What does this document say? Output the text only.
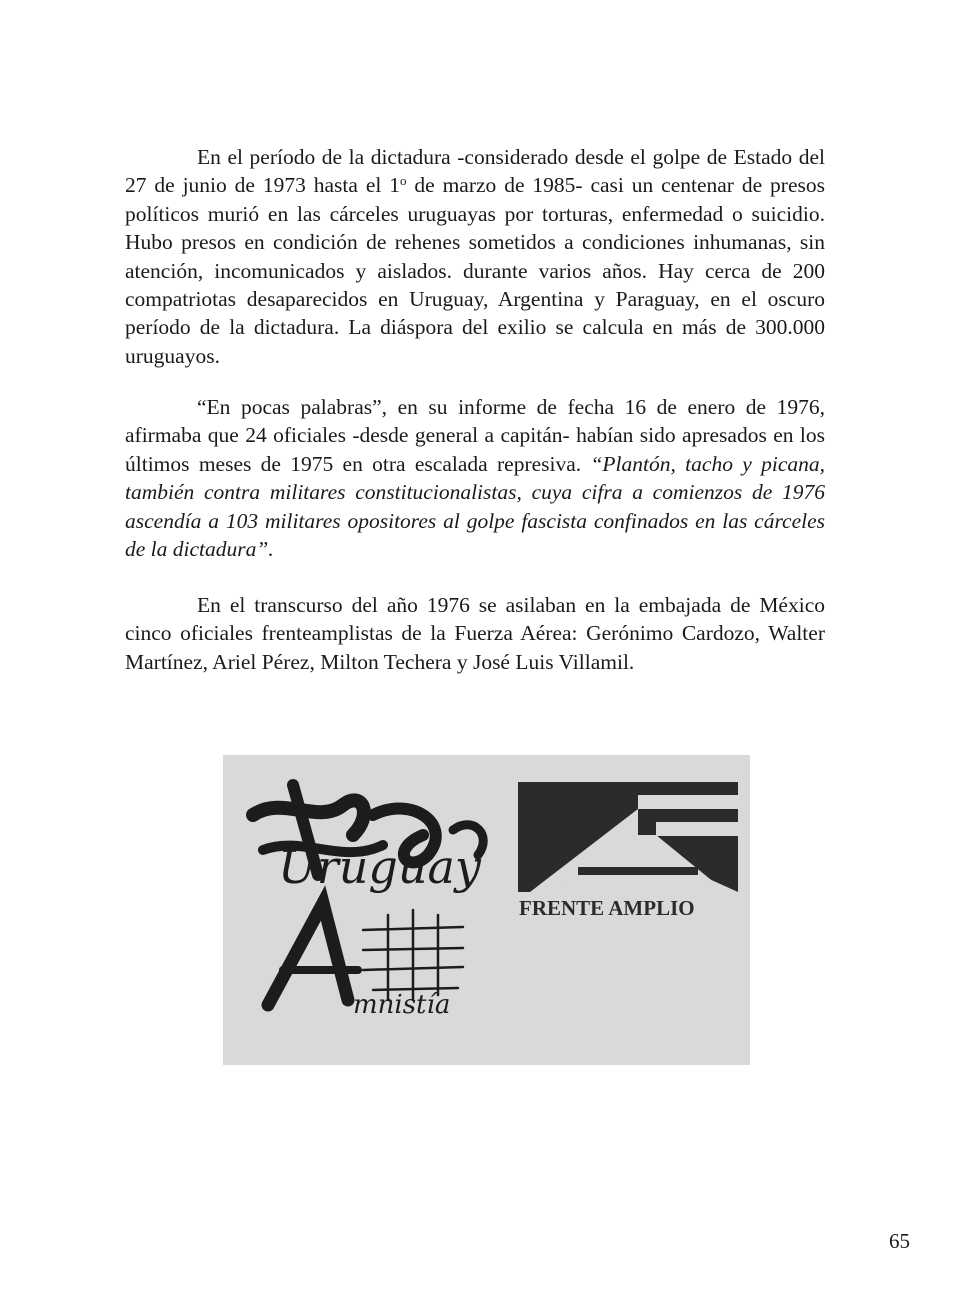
En el período de la dictadura -considerado desde el golpe de Estado del 27 de junio de 1973 hasta el 1$^o$ de marzo de 1985- casi un centenar de presos políticos murió en las cárceles uruguayas por torturas, enfermedad o suicidio. Hubo presos en condición de rehenes sometidos a condiciones inhumanas, sin atención, incomunicados y aislados. durante varios años. Hay cerca de 200 compatriotas desaparecidos en Uruguay, Argentina y Paraguay, en el oscuro período de la dictadura. La diáspora del exilio se calcula en más de 300.000 uruguayos.

“En pocas palabras”, en su informe de fecha 16 de enero de 1976, afirmaba que 24 oficiales -desde general a capitán- habían sido apresados en los últimos meses de 1975 en otra escalada represiva. “Plantón, tacho y picana, también contra militares constitucionalistas, cuya cifra a comienzos de 1976 ascendía a 103 militares opositores al golpe fascista confinados en las cárceles de la dictadura”.

En el transcurso del año 1976 se asilaban en la embajada de México cinco oficiales frenteamplistas de la Fuerza Aérea: Gerónimo Cardozo, Walter Martínez, Ariel Pérez, Milton Techera y José Luis Villamil.

Uruguay
mnistía
FRENTE AMPLIO
65
